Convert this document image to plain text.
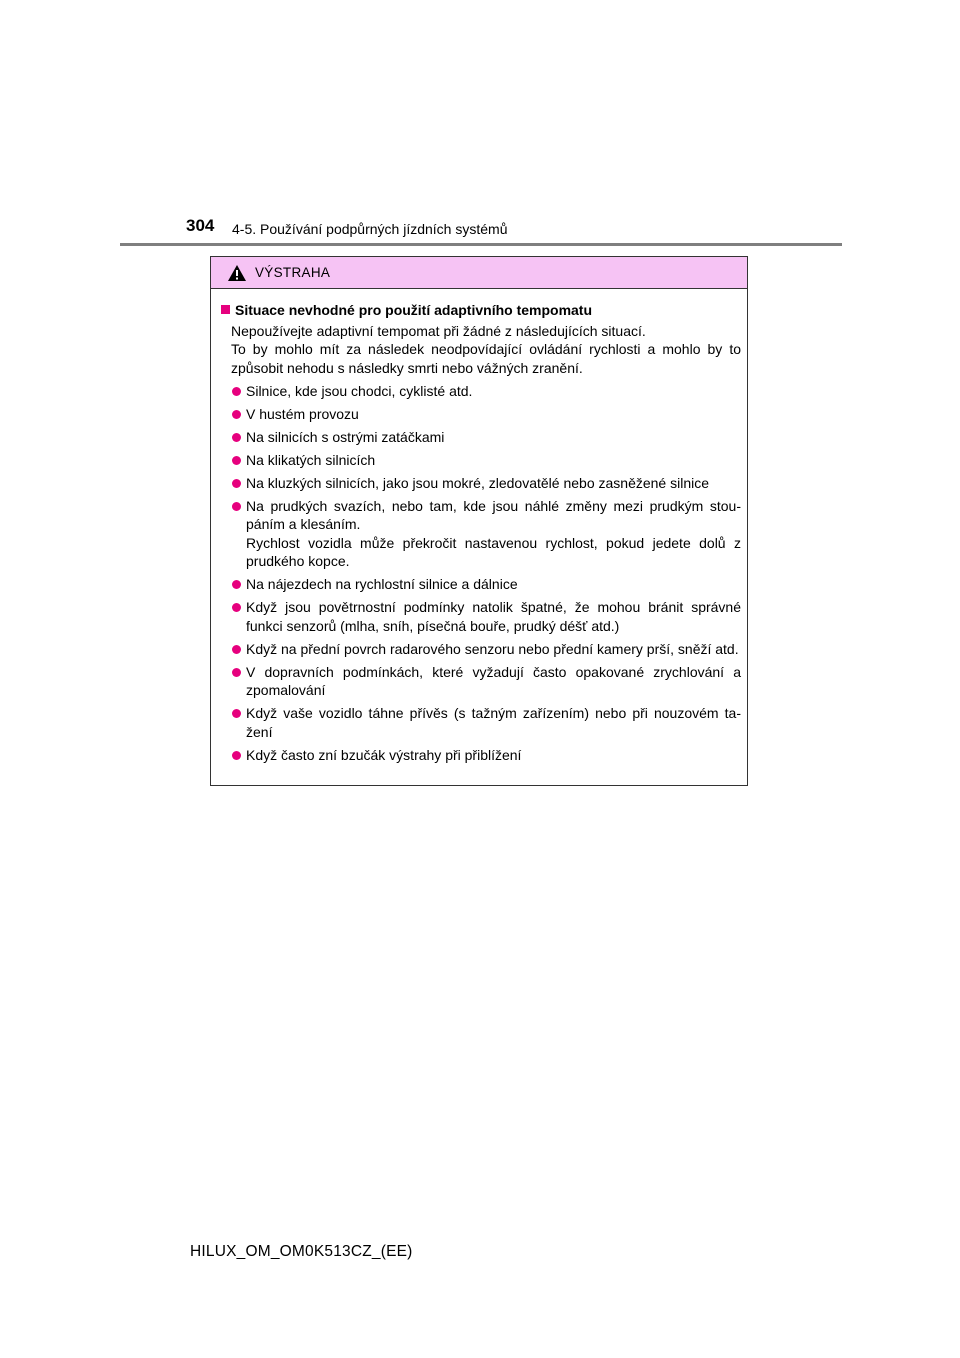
304 4-5. Používání podpůrných jízdních systémů
VÝSTRAHA
Situace nevhodné pro použití adaptivního tempomatu
Nepoužívejte adaptivní tempomat při žádné z následujících situací.
To by mohlo mít za následek neodpovídající ovládání rychlosti a mohlo by to způsobit nehodu s následky smrti nebo vážných zranění.
Silnice, kde jsou chodci, cyklisté atd.
V hustém provozu
Na silnicích s ostrými zatáčkami
Na klikatých silnicích
Na kluzkých silnicích, jako jsou mokré, zledovatělé nebo zasněžené silnice
Na prudkých svazích, nebo tam, kde jsou náhlé změny mezi prudkým stou-páním a klesáním.
Rychlost vozidla může překročit nastavenou rychlost, pokud jedete dolů z prudkého kopce.
Na nájezdech na rychlostní silnice a dálnice
Když jsou povětrnostní podmínky natolik špatné, že mohou bránit správné funkci senzorů (mlha, sníh, písečná bouře, prudký déšť atd.)
Když na přední povrch radarového senzoru nebo přední kamery prší, sněží atd.
V dopravních podmínkách, které vyžadují často opakované zrychlování a zpomalování
Když vaše vozidlo táhne přívěs (s tažným zařízením) nebo při nouzovém ta-žení
Když často zní bzučák výstrahy při přiblížení
HILUX_OM_OM0K513CZ_(EE)
